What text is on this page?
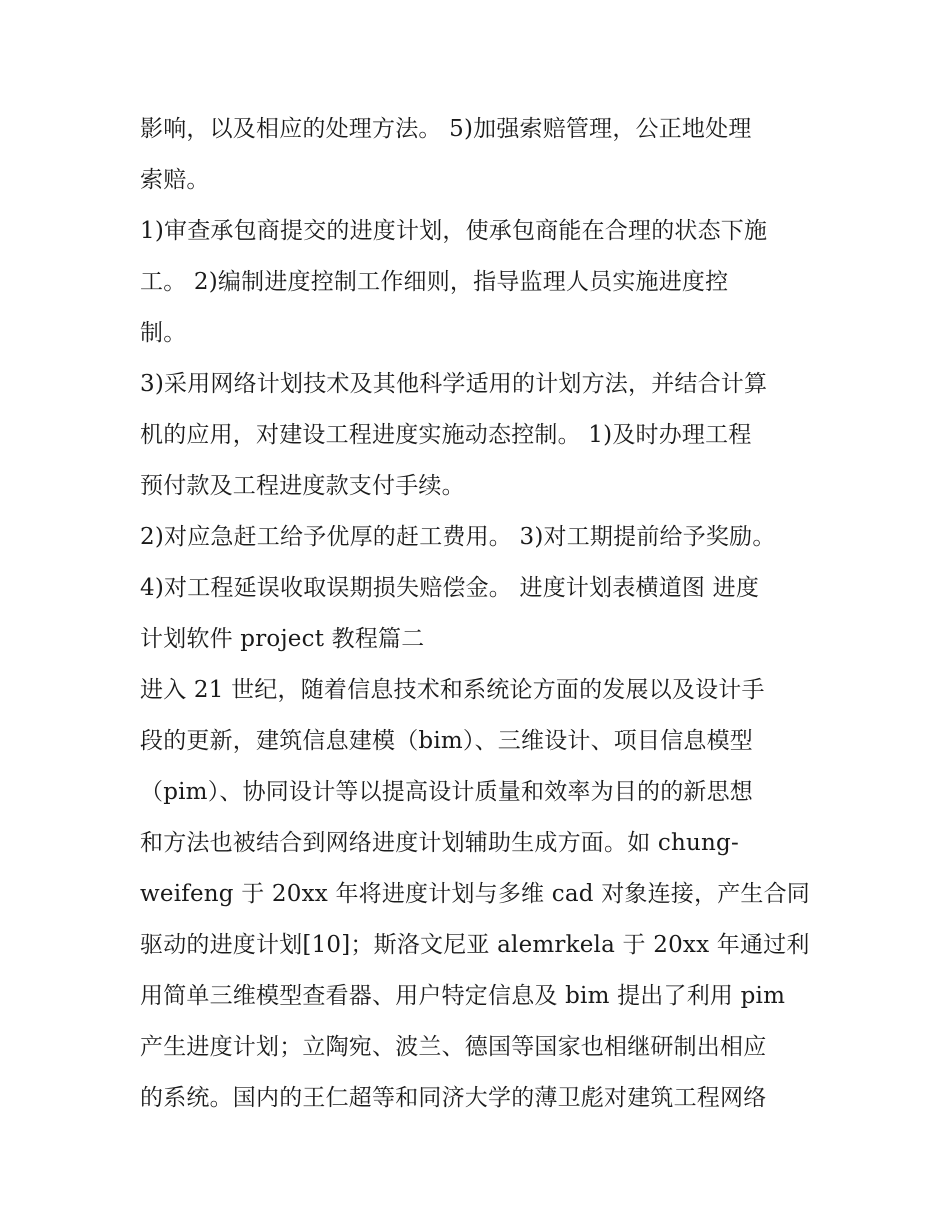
影响，以及相应的处理方法。 5)加强索赔管理，公正地处理
索赔。
1)审查承包商提交的进度计划，使承包商能在合理的状态下施
工。 2)编制进度控制工作细则，指导监理人员实施进度控
制。
3)采用网络计划技术及其他科学适用的计划方法，并结合计算
机的应用，对建设工程进度实施动态控制。 1)及时办理工程
预付款及工程进度款支付手续。
2)对应急赶工给予优厚的赶工费用。 3)对工期提前给予奖励。
4)对工程延误收取误期损失赔偿金。 进度计划表横道图 进度
计划软件 project 教程篇二
进入 21 世纪，随着信息技术和系统论方面的发展以及设计手
段的更新，建筑信息建模（bim）、三维设计、项目信息模型
（pim）、协同设计等以提高设计质量和效率为目的的新思想
和方法也被结合到网络进度计划辅助生成方面。如 chung-
weifeng 于 20xx 年将进度计划与多维 cad 对象连接，产生合同
驱动的进度计划[10]；斯洛文尼亚 alemrkela 于 20xx 年通过利
用简单三维模型查看器、用户特定信息及 bim 提出了利用 pim
产生进度计划；立陶宛、波兰、德国等国家也相继研制出相应
的系统。国内的王仁超等和同济大学的薄卫彪对建筑工程网络
